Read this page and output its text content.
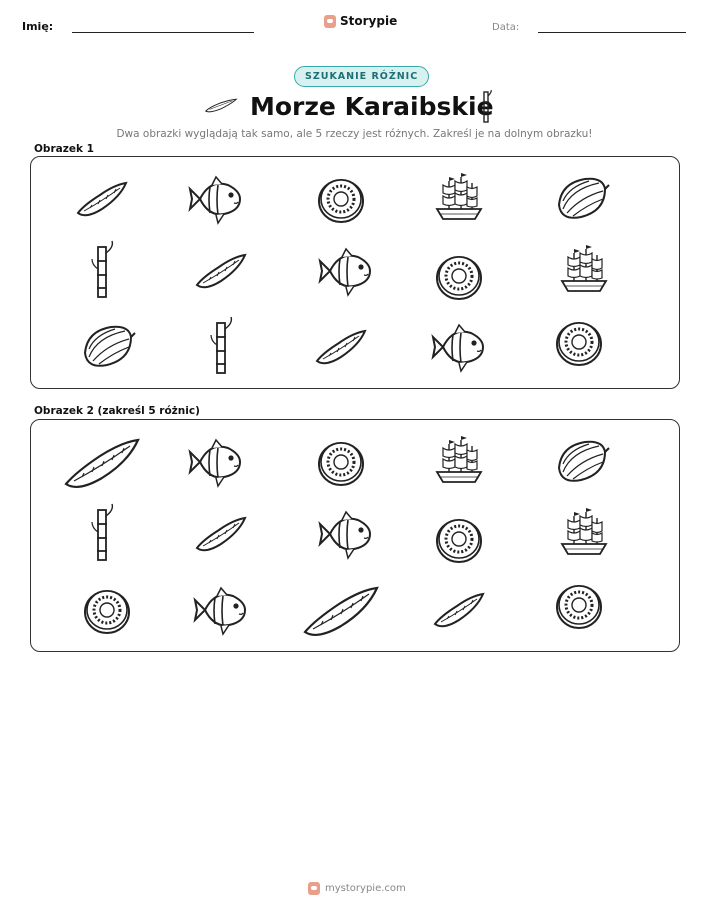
Imię:	Storypie	Data:
SZUKANIE RÓŻNIC
Morze Karaibskie
Dwa obrazki wyglądają tak samo, ale 5 rzeczy jest różnych. Zakreśl je na dolnym obrazku!
Obrazek 1
Obrazek 2 (zakreśl 5 różnic)
mystorypie.com
